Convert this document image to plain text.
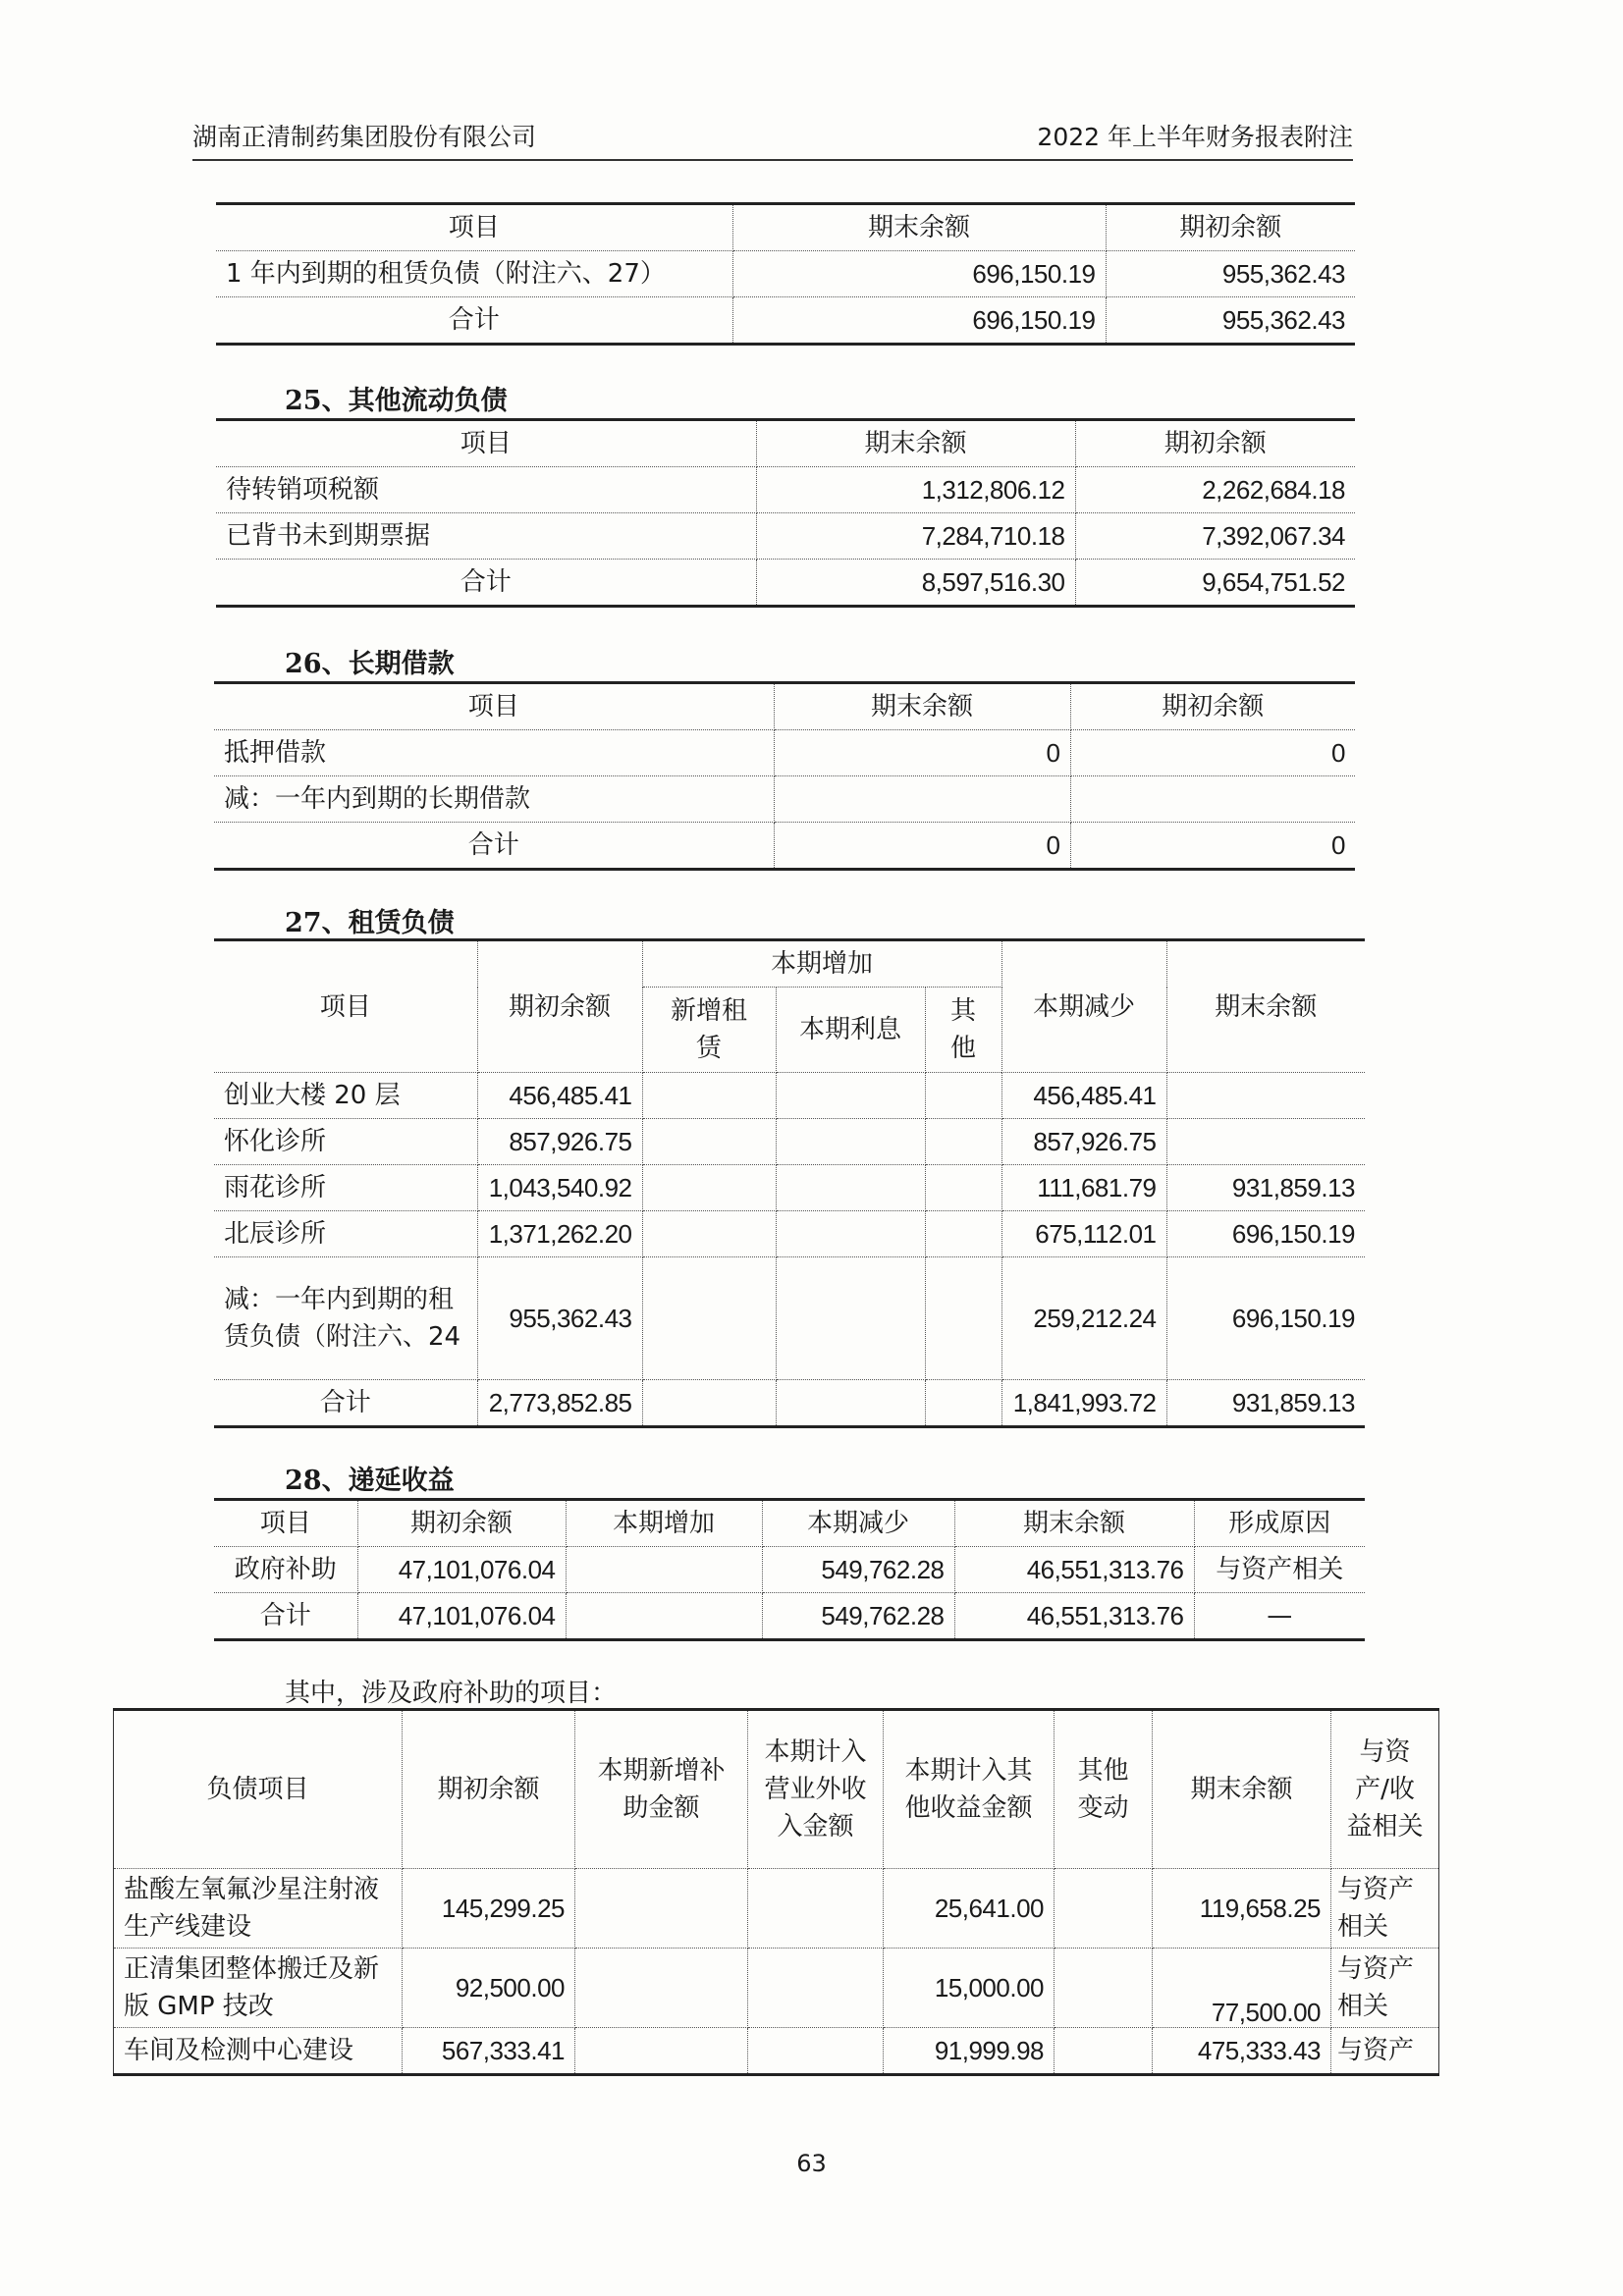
湖南正清制药集团股份有限公司	2022 年上半年财务报表附注
项目	期末余额	期初余额
1 年内到期的租赁负债（附注六、27）	696,150.19	955,362.43
合计	696,150.19	955,362.43
25、其他流动负债
项目	期末余额	期初余额
待转销项税额	1,312,806.12	2,262,684.18
已背书未到期票据	7,284,710.18	7,392,067.34
合计	8,597,516.30	9,654,751.52
26、长期借款
项目	期末余额	期初余额
抵押借款	0	0
减：一年内到期的长期借款		
合计	0	0
27、租赁负债
项目	期初余额	本期增加			本期减少	期末余额
		新增租赁	本期利息	其他		
创业大楼 20 层	456,485.41				456,485.41	
怀化诊所	857,926.75				857,926.75	
雨花诊所	1,043,540.92				111,681.79	931,859.13
北辰诊所	1,371,262.20				675,112.01	696,150.19
减：一年内到期的租赁负债（附注六、24	955,362.43				259,212.24	696,150.19
合计	2,773,852.85				1,841,993.72	931,859.13
28、递延收益
项目	期初余额	本期增加	本期减少	期末余额	形成原因
政府补助	47,101,076.04		549,762.28	46,551,313.76	与资产相关
合计	47,101,076.04		549,762.28	46,551,313.76	—
其中，涉及政府补助的项目：
负债项目	期初余额	本期新增补助金额	本期计入营业外收入金额	本期计入其他收益金额	其他变动	期末余额	与资产/收益相关
盐酸左氧氟沙星注射液生产线建设	145,299.25			25,641.00		119,658.25	与资产相关
正清集团整体搬迁及新版 GMP 技改	92,500.00			15,000.00		77,500.00	与资产相关
车间及检测中心建设	567,333.41			91,999.98		475,333.43	与资产
63
